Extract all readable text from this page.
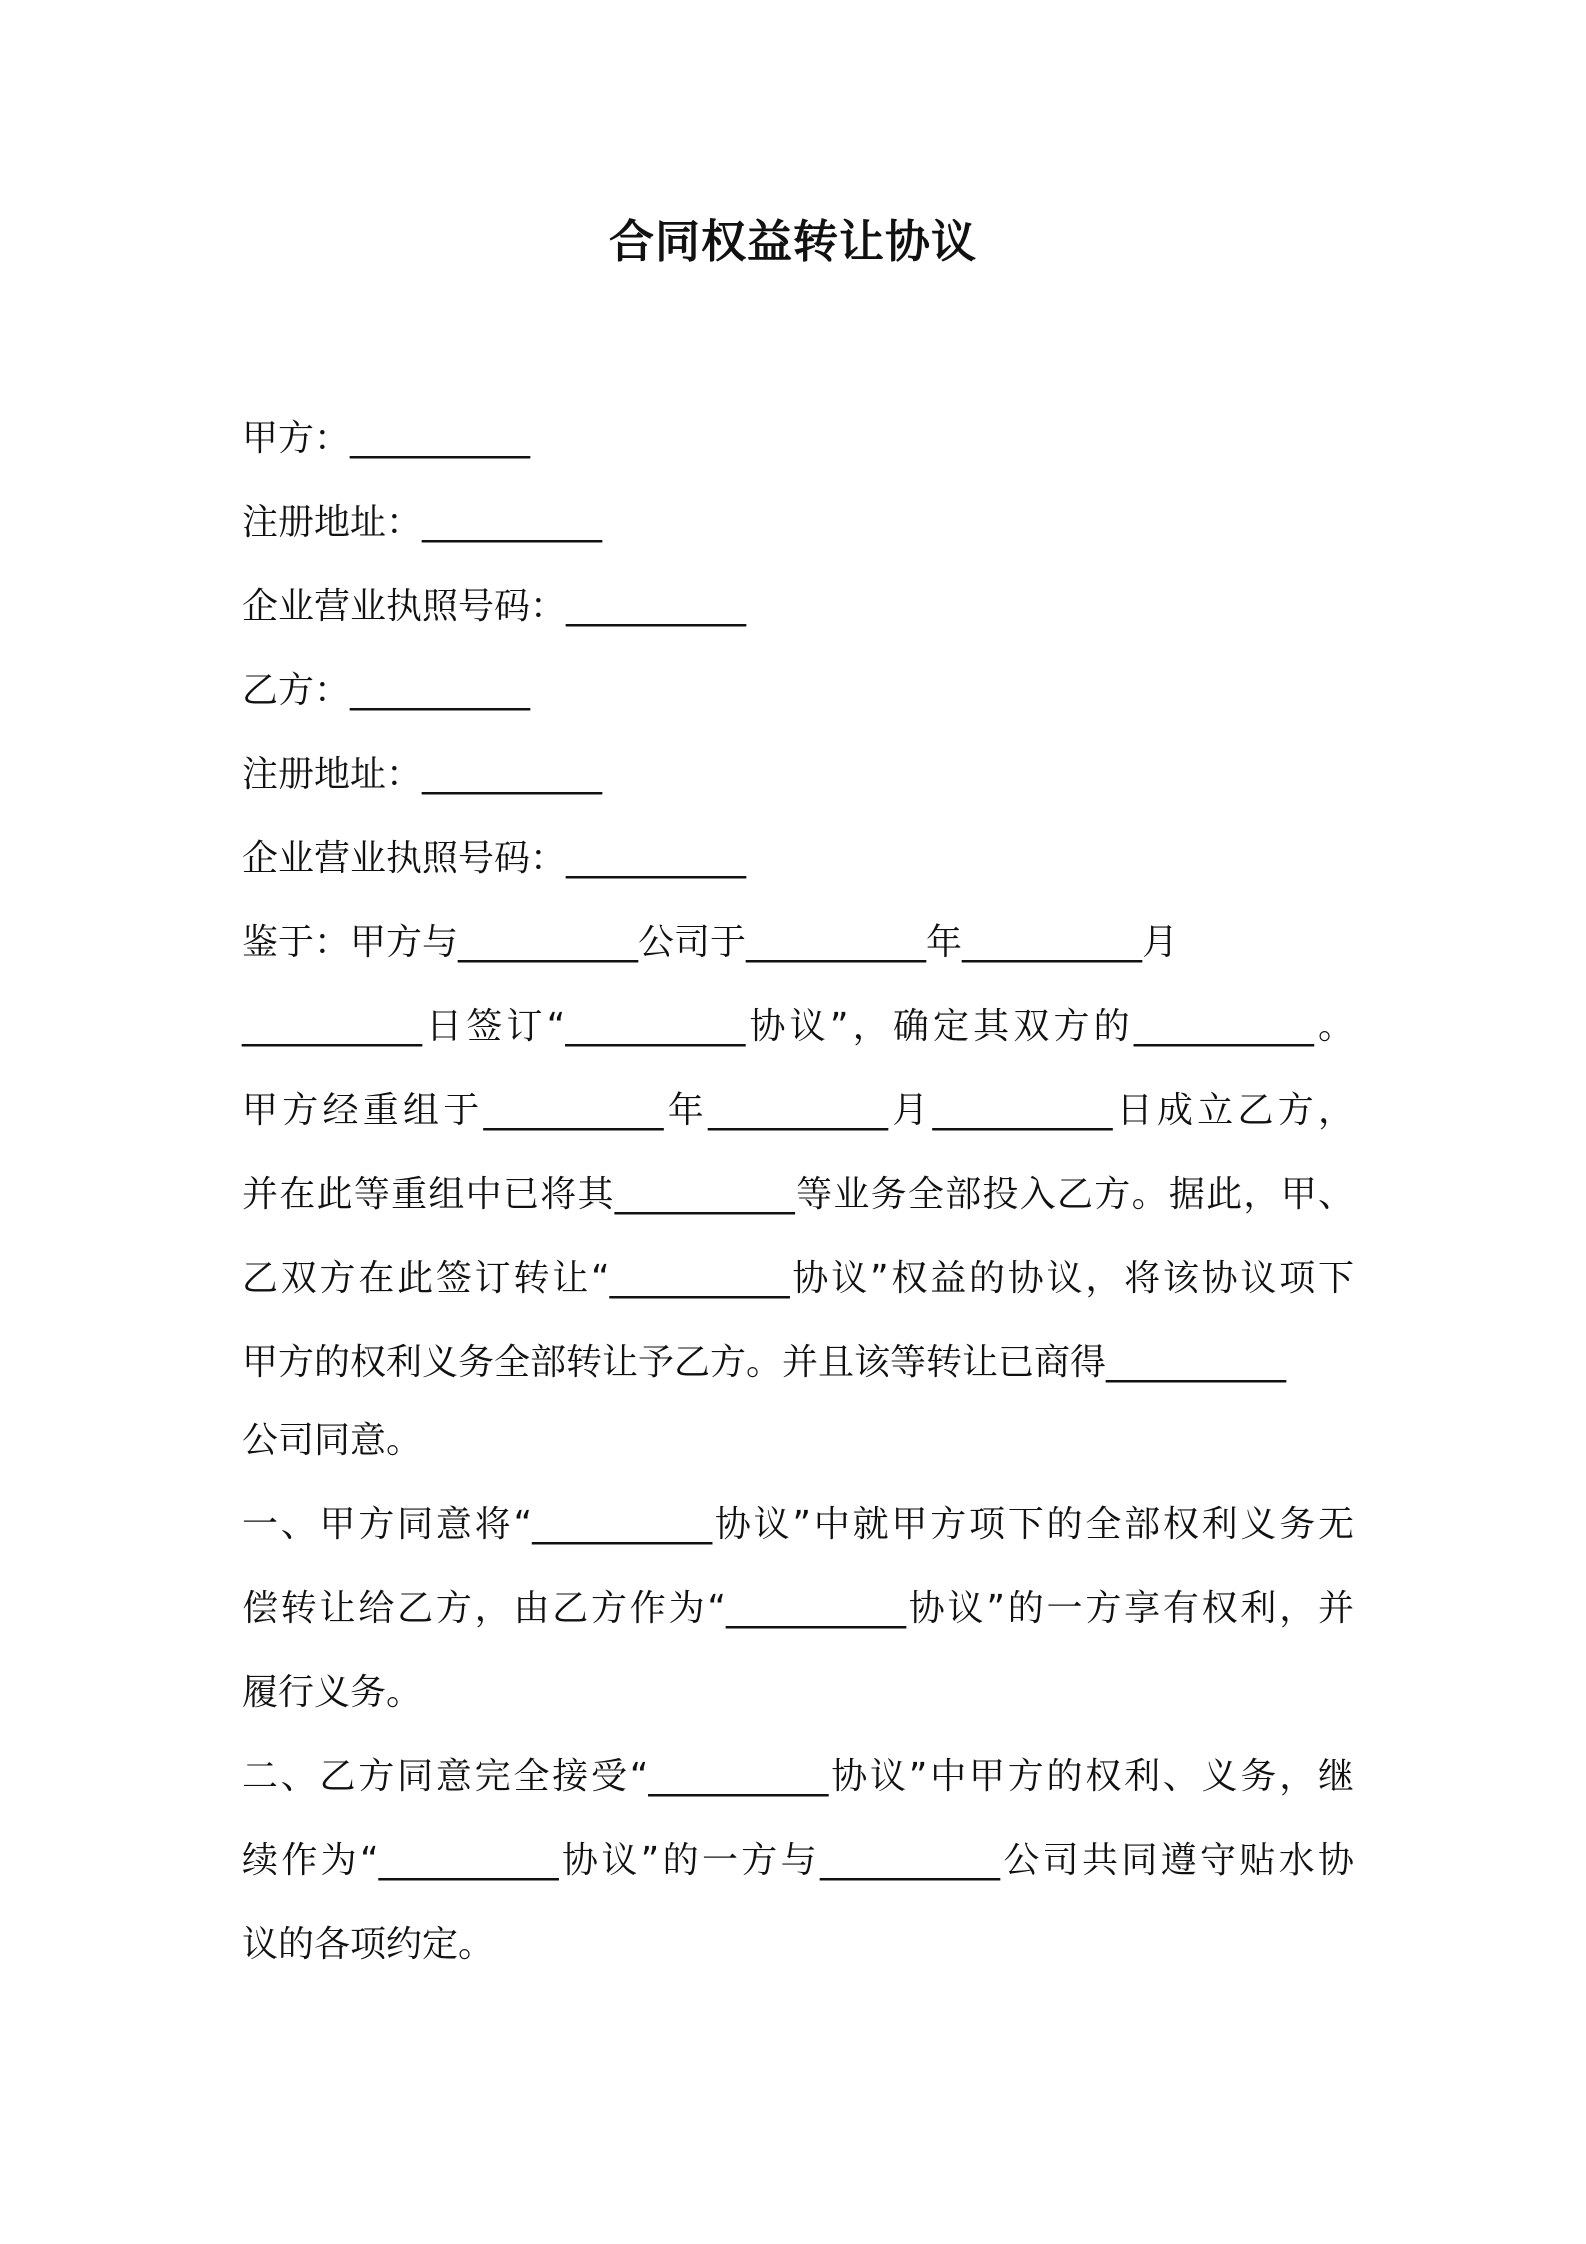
合同权益转让协议

甲方：__________

注册地址：__________

企业营业执照号码：__________

乙方：__________

注册地址：__________

企业营业执照号码：__________

鉴于：甲方与__________公司于__________年__________月

__________日签订“__________协议”，确定其双方的__________。

甲方经重组于__________年__________月__________日成立乙方，

并在此等重组中已将其__________等业务全部投入乙方。据此，甲、

乙双方在此签订转让“__________协议”权益的协议，将该协议项下

甲方的权利义务全部转让予乙方。并且该等转让已商得__________

公司同意。

一、甲方同意将“__________协议”中就甲方项下的全部权利义务无

偿转让给乙方，由乙方作为“__________协议”的一方享有权利，并

履行义务。

二、乙方同意完全接受“__________协议”中甲方的权利、义务，继

续作为“__________协议”的一方与__________公司共同遵守贴水协

议的各项约定。
